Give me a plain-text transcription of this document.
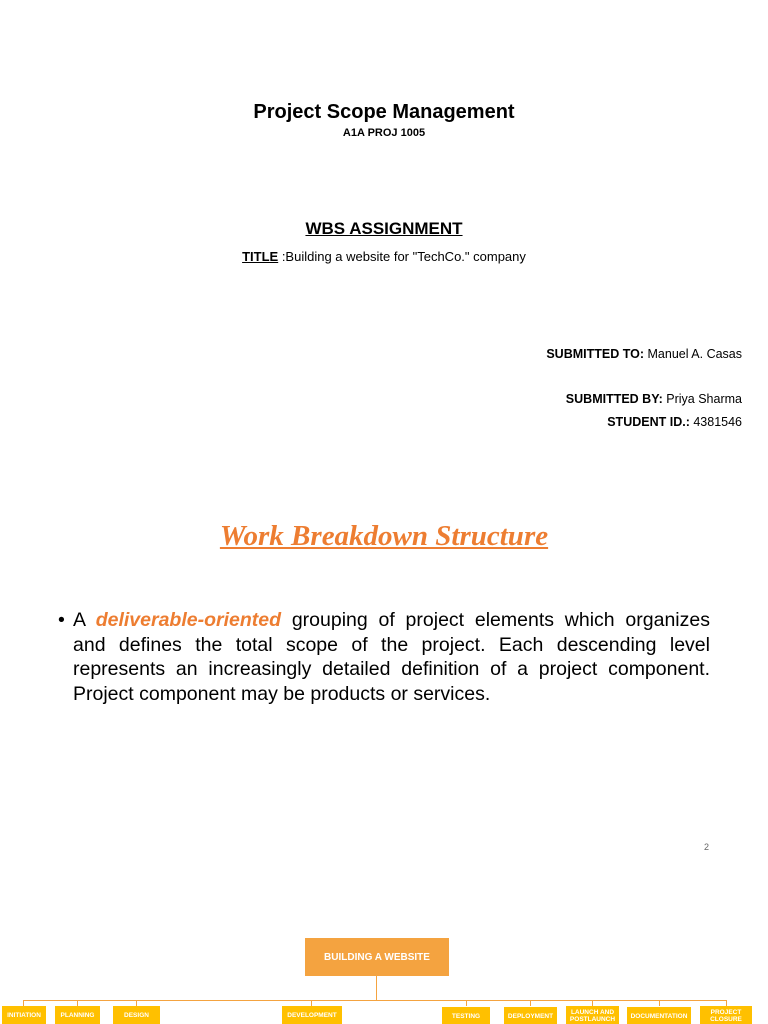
Project Scope Management
A1A PROJ 1005
WBS ASSIGNMENT
TITLE :Building a website for "TechCo." company
SUBMITTED TO: Manuel A. Casas
SUBMITTED BY: Priya Sharma
STUDENT ID.: 4381546
Work Breakdown Structure
• A deliverable-oriented grouping of project elements which organizes and defines the total scope of the project. Each descending level represents an increasingly detailed definition of a project component. Project component may be products or services.
2
BUILDING A WEBSITE
INITIATION	PLANNING	DESIGN	DEVELOPMENT	TESTING	DEPLOYMENT	LAUNCH AND POSTLAUNCH	DOCUMENTATION	PROJECT CLOSURE
